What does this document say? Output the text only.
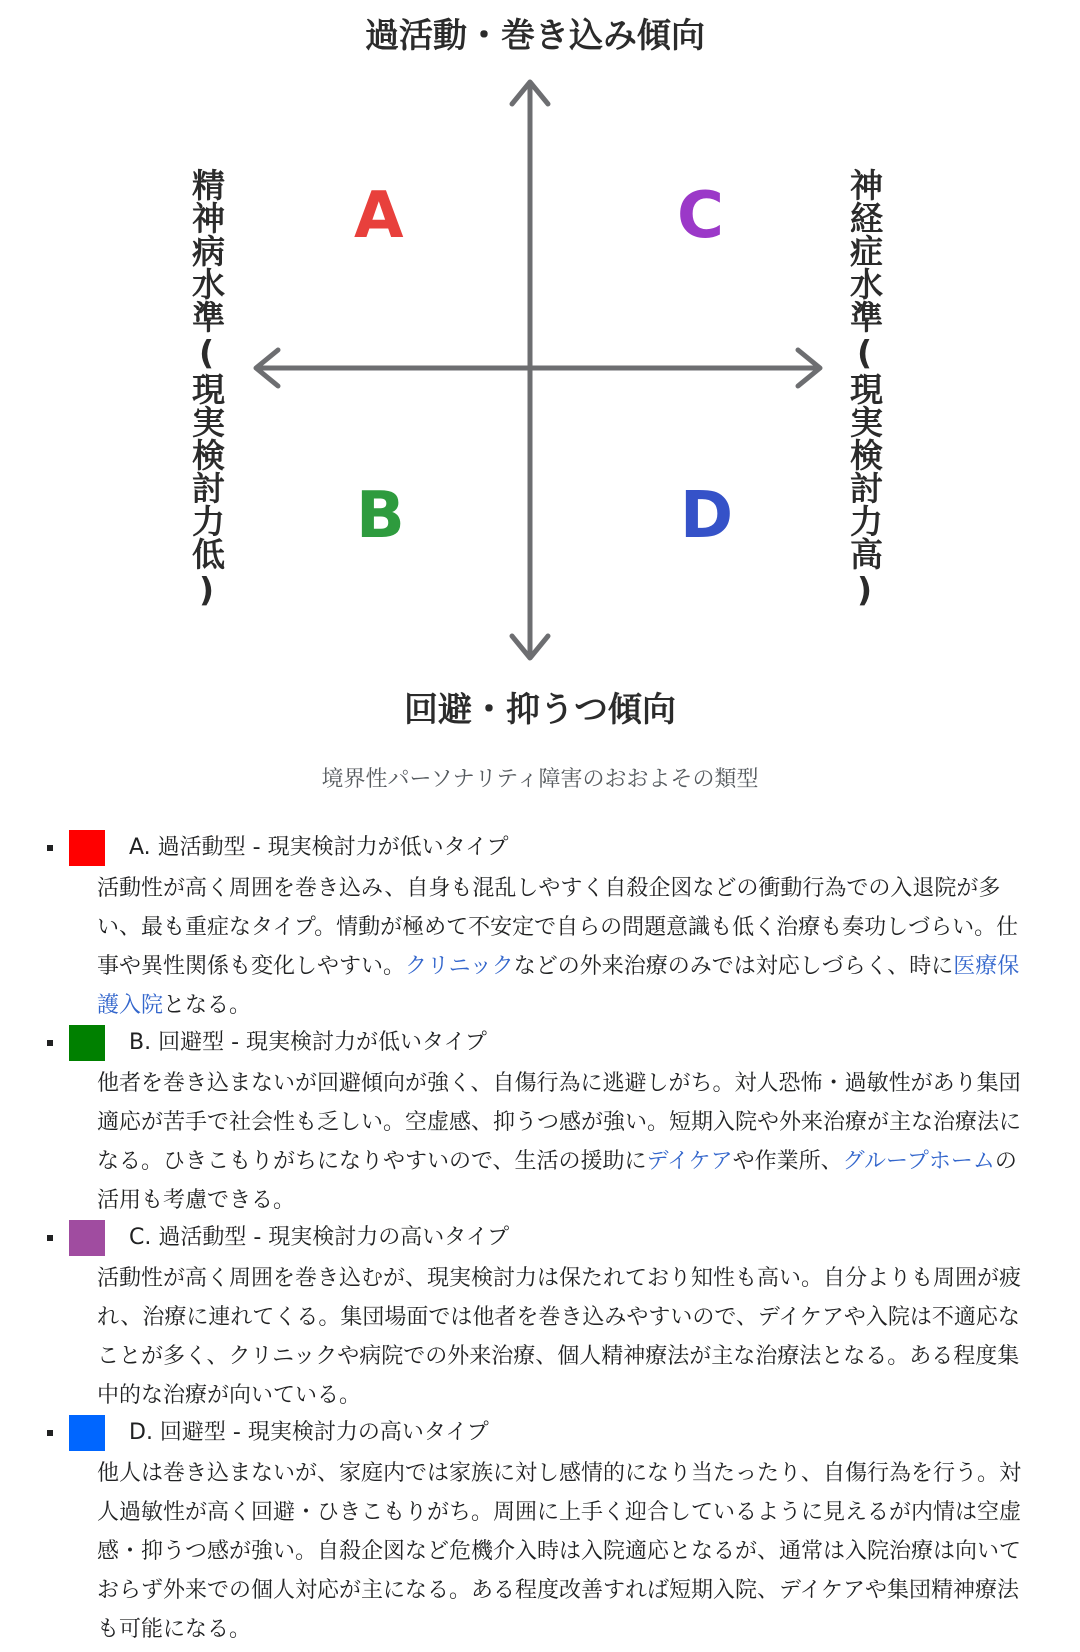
過活動・巻き込み傾向
精神病水準(現実検討力低)	神経症水準(現実検討力高)
回避・抑うつ傾向
A
B
C
D
境界性パーソナリティ障害のおおよその類型
A. 過活動型 - 現実検討力が低いタイプ
活動性が高く周囲を巻き込み、自身も混乱しやすく自殺企図などの衝動行為での入退院が多い、最も重症なタイプ。情動が極めて不安定で自らの問題意識も低く治療も奏功しづらい。仕事や異性関係も変化しやすい。クリニックなどの外来治療のみでは対応しづらく、時に医療保護入院となる。
B. 回避型 - 現実検討力が低いタイプ
他者を巻き込まないが回避傾向が強く、自傷行為に逃避しがち。対人恐怖・過敏性があり集団適応が苦手で社会性も乏しい。空虚感、抑うつ感が強い。短期入院や外来治療が主な治療法になる。ひきこもりがちになりやすいので、生活の援助にデイケアや作業所、グループホームの活用も考慮できる。
C. 過活動型 - 現実検討力の高いタイプ
活動性が高く周囲を巻き込むが、現実検討力は保たれており知性も高い。自分よりも周囲が疲れ、治療に連れてくる。集団場面では他者を巻き込みやすいので、デイケアや入院は不適応なことが多く、クリニックや病院での外来治療、個人精神療法が主な治療法となる。ある程度集中的な治療が向いている。
D. 回避型 - 現実検討力の高いタイプ
他人は巻き込まないが、家庭内では家族に対し感情的になり当たったり、自傷行為を行う。対人過敏性が高く回避・ひきこもりがち。周囲に上手く迎合しているように見えるが内情は空虚感・抑うつ感が強い。自殺企図など危機介入時は入院適応となるが、通常は入院治療は向いておらず外来での個人対応が主になる。ある程度改善すれば短期入院、デイケアや集団精神療法も可能になる。
